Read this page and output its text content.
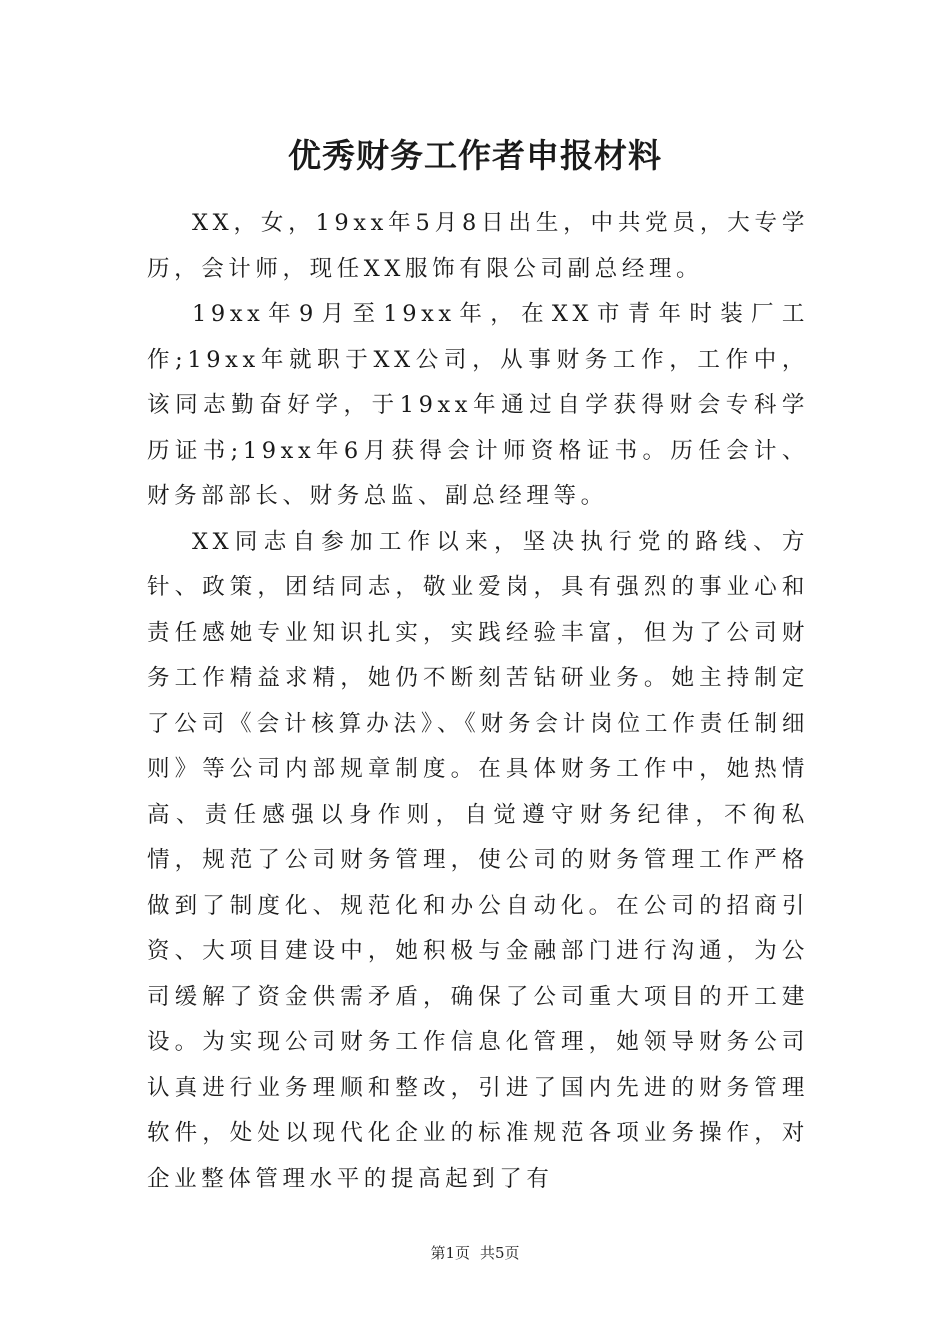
优秀财务工作者申报材料

XX，女，19xx年5月8日出生，中共党员，大专学历，会计师，现任XX服饰有限公司副总经理。

19xx年9月至19xx年，在XX市青年时装厂工作;19xx年就职于XX公司，从事财务工作，工作中，该同志勤奋好学，于19xx年通过自学获得财会专科学历证书;19xx年6月获得会计师资格证书。历任会计、财务部部长、财务总监、副总经理等。

XX同志自参加工作以来，坚决执行党的路线、方针、政策，团结同志，敬业爱岗，具有强烈的事业心和责任感她专业知识扎实，实践经验丰富，但为了公司财务工作精益求精，她仍不断刻苦钻研业务。她主持制定了公司《会计核算办法》、《财务会计岗位工作责任制细则》等公司内部规章制度。在具体财务工作中，她热情高、责任感强以身作则，自觉遵守财务纪律，不徇私情，规范了公司财务管理，使公司的财务管理工作严格做到了制度化、规范化和办公自动化。在公司的招商引资、大项目建设中，她积极与金融部门进行沟通，为公司缓解了资金供需矛盾，确保了公司重大项目的开工建设。为实现公司财务工作信息化管理，她领导财务公司认真进行业务理顺和整改，引进了国内先进的财务管理软件，处处以现代化企业的标准规范各项业务操作，对企业整体管理水平的提高起到了有

第1页 共5页
